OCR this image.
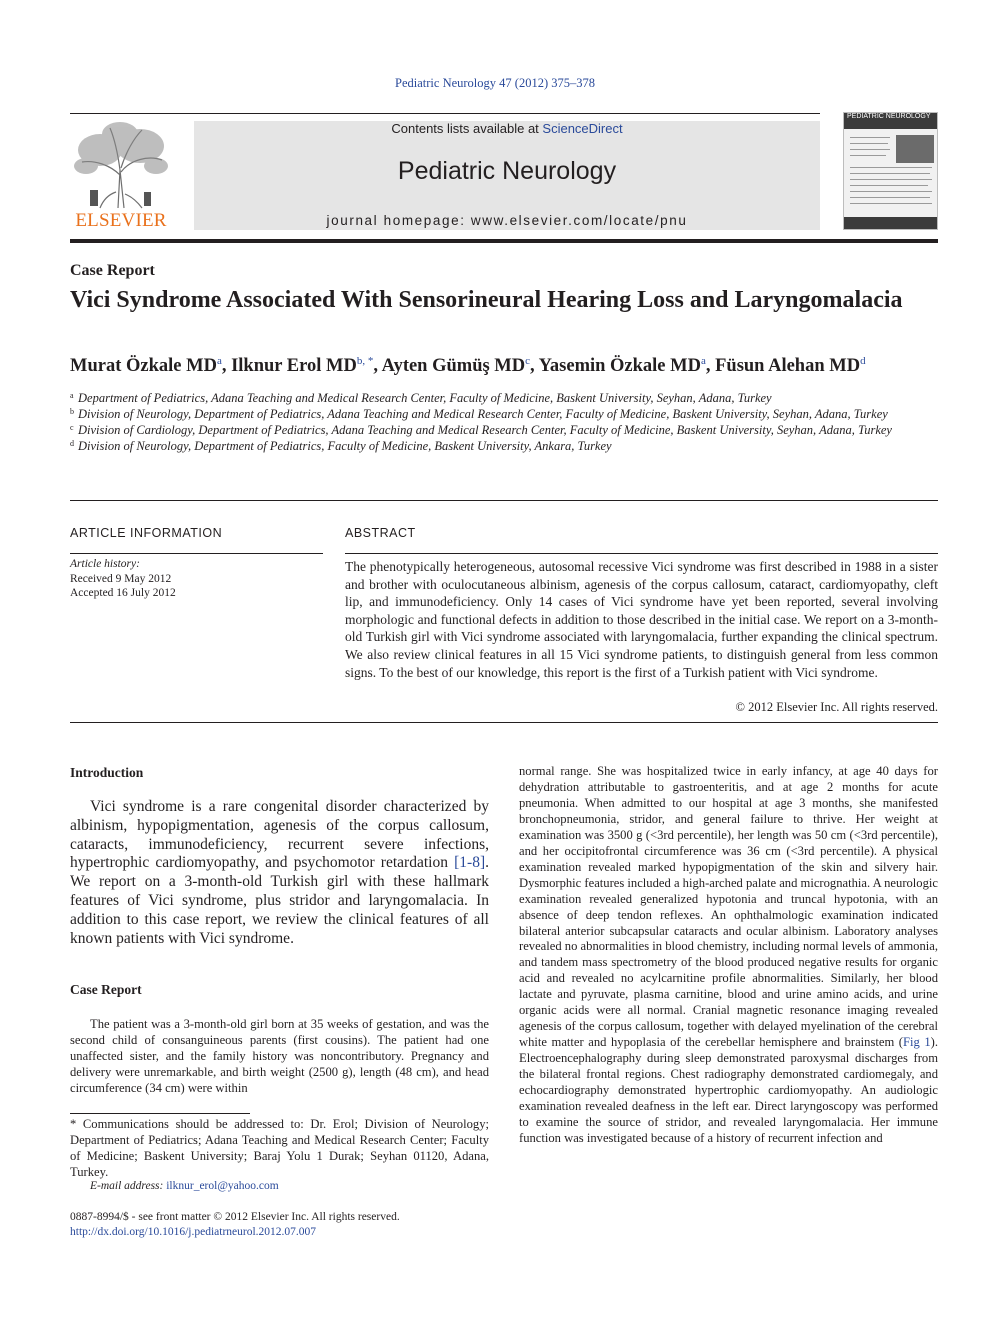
Pediatric Neurology 47 (2012) 375–378
ELSEVIER
Contents lists available at ScienceDirect
Pediatric Neurology
journal homepage: www.elsevier.com/locate/pnu
PEDIATRIC NEUROLOGY
Case Report
Vici Syndrome Associated With Sensorineural Hearing Loss and Laryngomalacia
Murat Özkale $MD^a$, Ilknur Erol $MD^{b, *}$, Ayten Gümüş $MD^c$, Yasemin Özkale $MD^a$, Füsun Alehan $MD^d$
a Department of Pediatrics, Adana Teaching and Medical Research Center, Faculty of Medicine, Baskent University, Seyhan, Adana, Turkey
b Division of Neurology, Department of Pediatrics, Adana Teaching and Medical Research Center, Faculty of Medicine, Baskent University, Seyhan, Adana, Turkey
c Division of Cardiology, Department of Pediatrics, Adana Teaching and Medical Research Center, Faculty of Medicine, Baskent University, Seyhan, Adana, Turkey
d Division of Neurology, Department of Pediatrics, Faculty of Medicine, Baskent University, Ankara, Turkey
ARTICLE INFORMATION	ABSTRACT
Article history:
Received 9 May 2012
Accepted 16 July 2012
The phenotypically heterogeneous, autosomal recessive Vici syndrome was first described in 1988 in a sister and brother with oculocutaneous albinism, agenesis of the corpus callosum, cataract, cardiomyopathy, cleft lip, and immunodeficiency. Only 14 cases of Vici syndrome have yet been reported, several involving morphologic and functional defects in addition to those described in the initial case. We report on a 3-month-old Turkish girl with Vici syndrome associated with laryngomalacia, further expanding the clinical spectrum. We also review clinical features in all 15 Vici syndrome patients, to distinguish general from less common signs. To the best of our knowledge, this report is the first of a Turkish patient with Vici syndrome.
© 2012 Elsevier Inc. All rights reserved.
Introduction
Vici syndrome is a rare congenital disorder characterized by albinism, hypopigmentation, agenesis of the corpus callosum, cataracts, immunodeficiency, recurrent severe infections, hypertrophic cardiomyopathy, and psychomotor retardation [1-8]. We report on a 3-month-old Turkish girl with these hallmark features of Vici syndrome, plus stridor and laryngomalacia. In addition to this case report, we review the clinical features of all known patients with Vici syndrome.
Case Report
The patient was a 3-month-old girl born at 35 weeks of gestation, and was the second child of consanguineous parents (first cousins). The patient had one unaffected sister, and the family history was noncontributory. Pregnancy and delivery were unremarkable, and birth weight (2500 g), length (48 cm), and head circumference (34 cm) were within
normal range. She was hospitalized twice in early infancy, at age 40 days for dehydration attributable to gastroenteritis, and at age 2 months for acute pneumonia. When admitted to our hospital at age 3 months, she manifested bronchopneumonia, stridor, and general failure to thrive. Her weight at examination was 3500 g (<3rd percentile), her length was 50 cm (<3rd percentile), and her occipitofrontal circumference was 36 cm (<3rd percentile). A physical examination revealed marked hypopigmentation of the skin and silvery hair. Dysmorphic features included a high-arched palate and micrognathia. A neurologic examination revealed generalized hypotonia and truncal hypotonia, with an absence of deep tendon reflexes. An ophthalmologic examination indicated bilateral anterior subcapsular cataracts and ocular albinism. Laboratory analyses revealed no abnormalities in blood chemistry, including normal levels of ammonia, and tandem mass spectrometry of the blood produced negative results for organic acid and revealed no acylcarnitine profile abnormalities. Similarly, her blood lactate and pyruvate, plasma carnitine, blood and urine amino acids, and urine organic acids were all normal. Cranial magnetic resonance imaging revealed agenesis of the corpus callosum, together with delayed myelination of the cerebral white matter and hypoplasia of the cerebellar hemisphere and brainstem (Fig 1). Electroencephalography during sleep demonstrated paroxysmal discharges from the bilateral frontal regions. Chest radiography demonstrated cardiomegaly, and echocardiography demonstrated hypertrophic cardiomyopathy. An audiologic examination revealed deafness in the left ear. Direct laryngoscopy was performed to examine the source of stridor, and revealed laryngomalacia. Her immune function was investigated because of a history of recurrent infection and
* Communications should be addressed to: Dr. Erol; Division of Neurology; Department of Pediatrics; Adana Teaching and Medical Research Center; Faculty of Medicine; Baskent University; Baraj Yolu 1 Durak; Seyhan 01120, Adana, Turkey.
E-mail address: ilknur_erol@yahoo.com
0887-8994/$ - see front matter © 2012 Elsevier Inc. All rights reserved.
http://dx.doi.org/10.1016/j.pediatrneurol.2012.07.007
